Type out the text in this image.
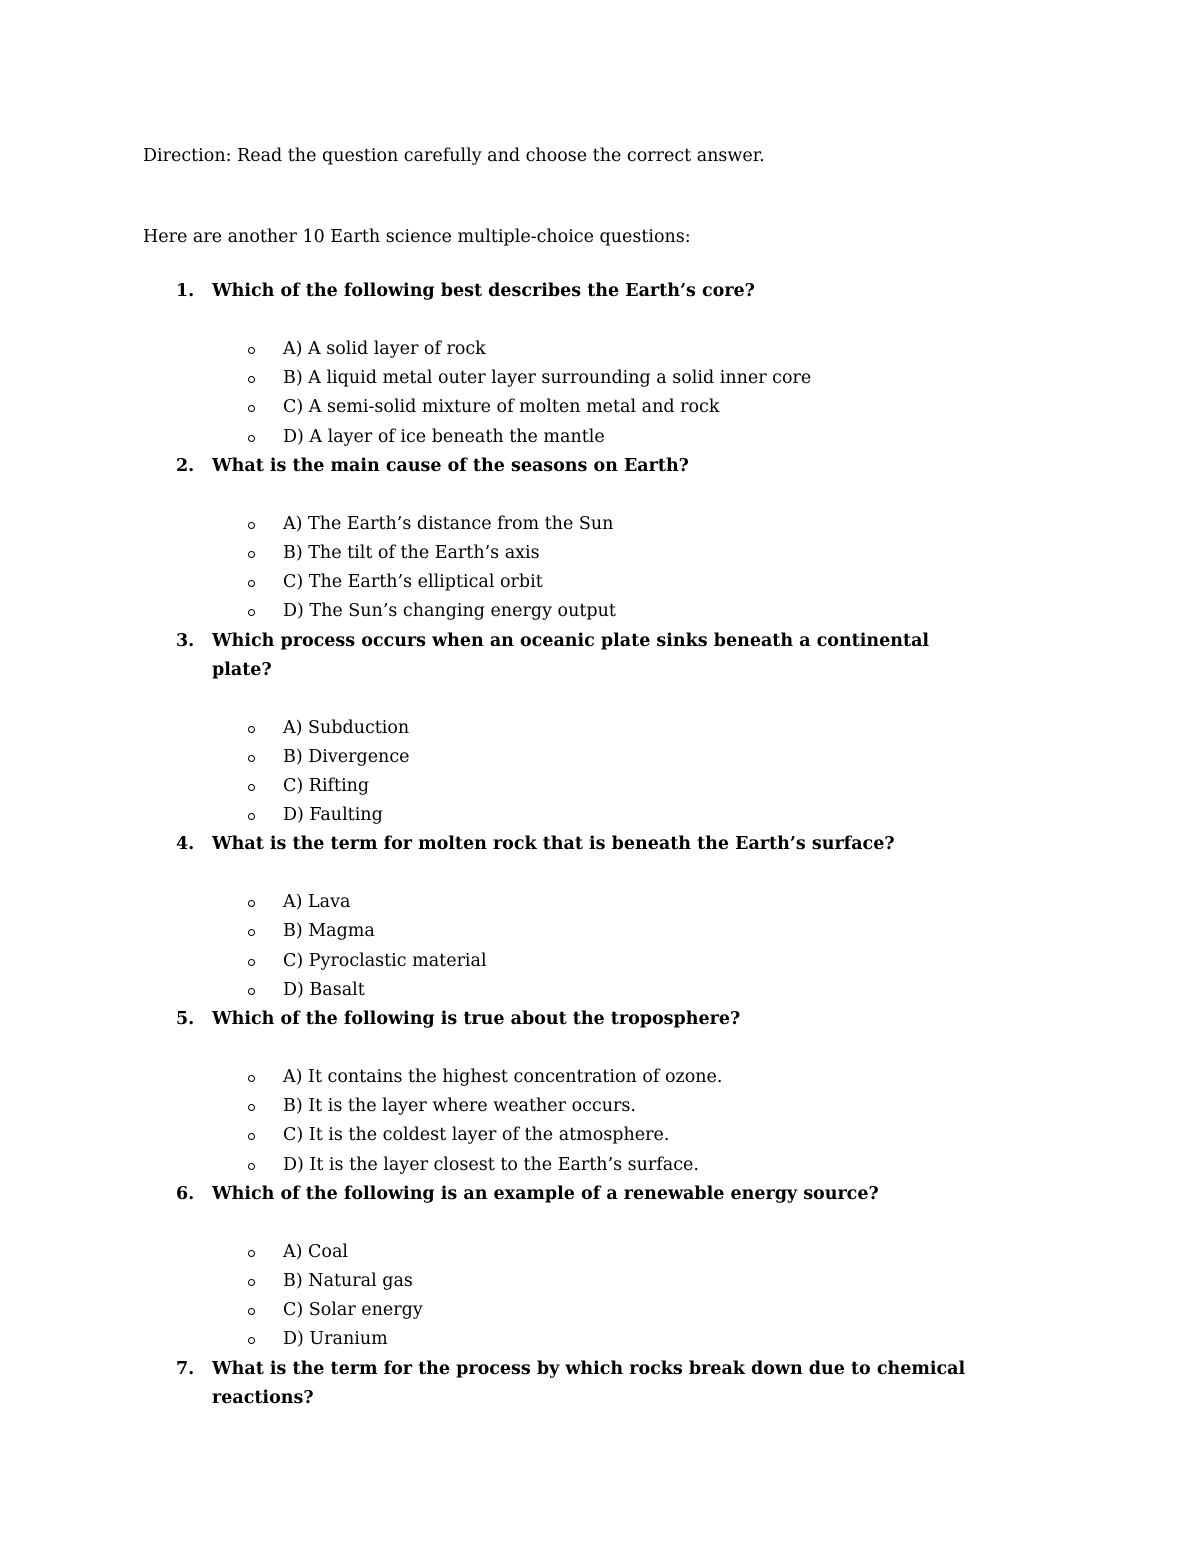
Direction: Read the question carefully and choose the correct answer.
Here are another 10 Earth science multiple-choice questions:
1. Which of the following best describes the Earth’s core?
A) A solid layer of rock
B) A liquid metal outer layer surrounding a solid inner core
C) A semi-solid mixture of molten metal and rock
D) A layer of ice beneath the mantle
2. What is the main cause of the seasons on Earth?
A) The Earth’s distance from the Sun
B) The tilt of the Earth’s axis
C) The Earth’s elliptical orbit
D) The Sun’s changing energy output
3. Which process occurs when an oceanic plate sinks beneath a continental plate?
A) Subduction
B) Divergence
C) Rifting
D) Faulting
4. What is the term for molten rock that is beneath the Earth’s surface?
A) Lava
B) Magma
C) Pyroclastic material
D) Basalt
5. Which of the following is true about the troposphere?
A) It contains the highest concentration of ozone.
B) It is the layer where weather occurs.
C) It is the coldest layer of the atmosphere.
D) It is the layer closest to the Earth’s surface.
6. Which of the following is an example of a renewable energy source?
A) Coal
B) Natural gas
C) Solar energy
D) Uranium
7. What is the term for the process by which rocks break down due to chemical reactions?
